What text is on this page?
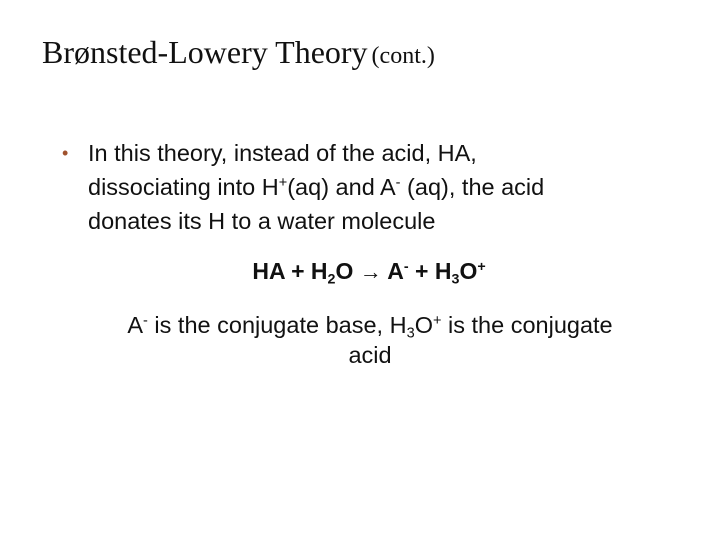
Brønsted-Lowery Theory (cont.)
• In this theory, instead of the acid, HA,
dissociating into H+(aq) and A- (aq), the acid
donates its H to a water molecule
HA + $H_2O \to A^- + H_3O^+$
A- is the conjugate base, $H_3O^+$ is the conjugate
acid
